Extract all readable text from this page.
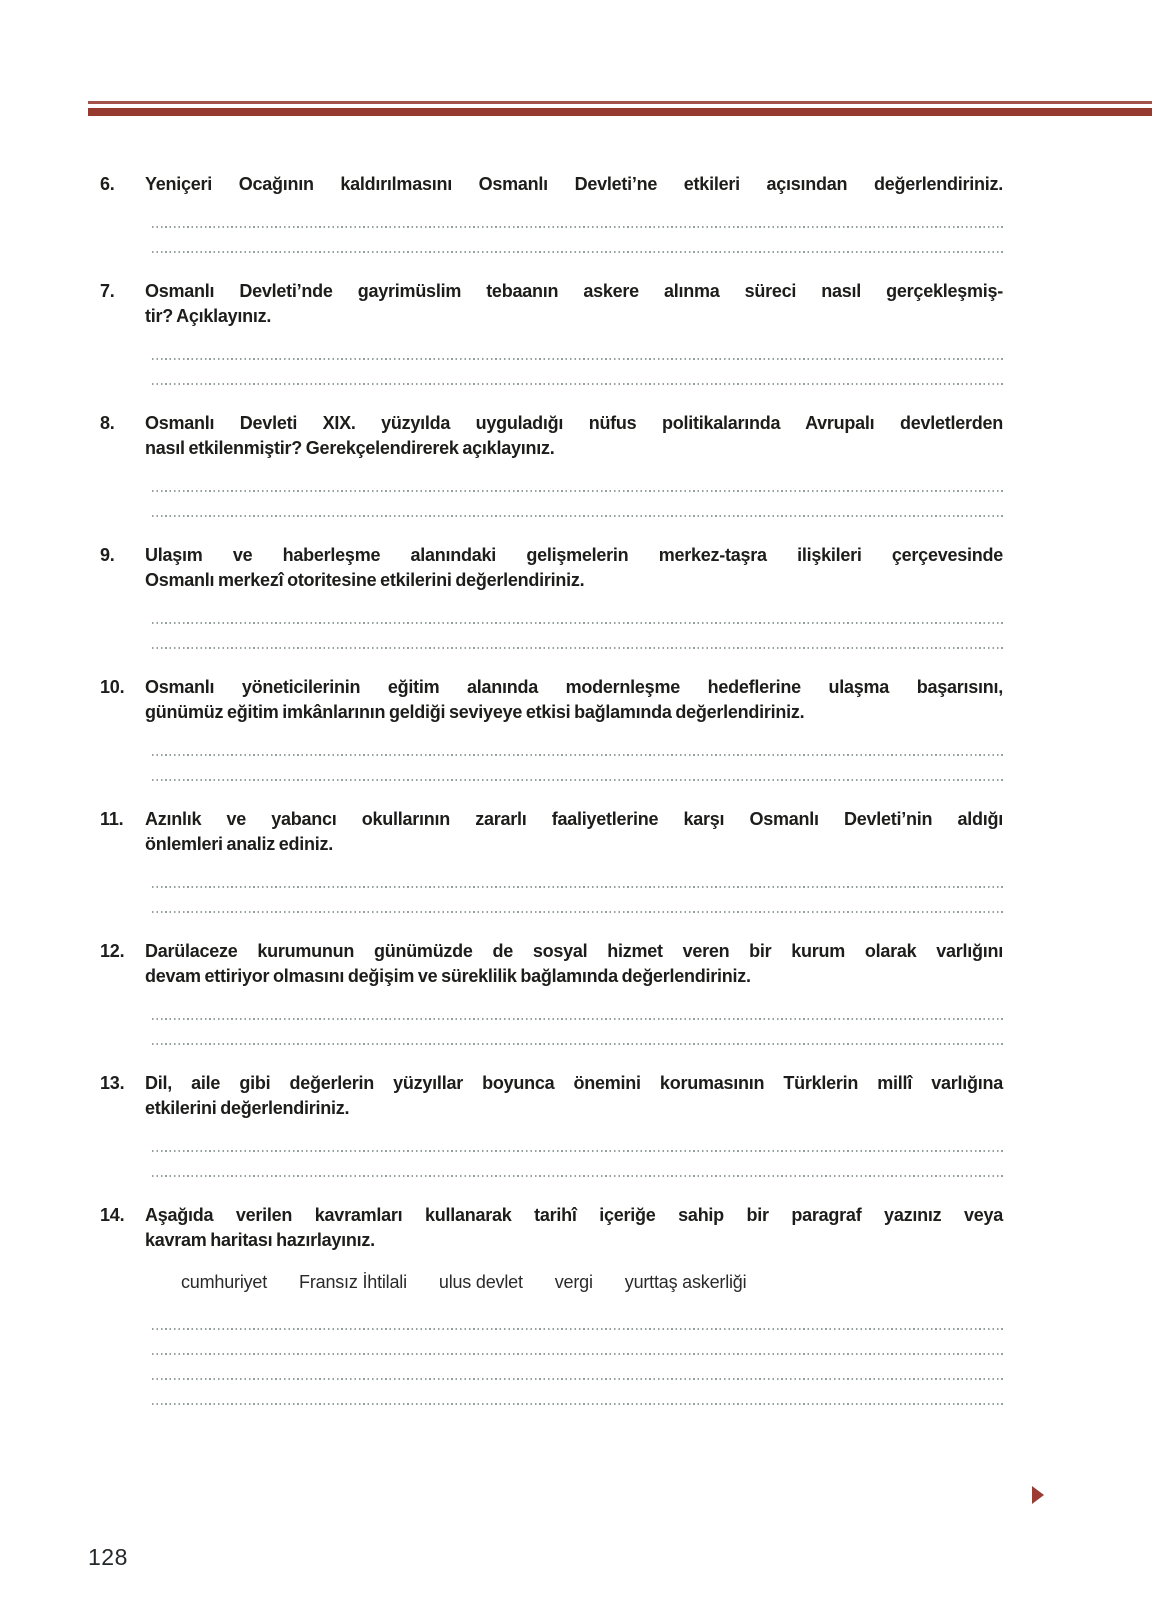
6.	Yeniçeri Ocağının kaldırılmasını Osmanlı Devleti’ne etkileri açısından değerlendiriniz.
7.	Osmanlı Devleti’nde gayrimüslim tebaanın askere alınma süreci nasıl gerçekleşmiş-
tir? Açıklayınız.
8.	Osmanlı Devleti XIX. yüzyılda uyguladığı nüfus politikalarında Avrupalı devletlerden
nasıl etkilenmiştir? Gerekçelendirerek açıklayınız.
9.	Ulaşım ve haberleşme alanındaki gelişmelerin merkez-taşra ilişkileri çerçevesinde
Osmanlı merkezî otoritesine etkilerini değerlendiriniz.
10.	Osmanlı yöneticilerinin eğitim alanında modernleşme hedeflerine ulaşma başarısını,
günümüz eğitim imkânlarının geldiği seviyeye etkisi bağlamında değerlendiriniz.
11.	Azınlık ve yabancı okullarının zararlı faaliyetlerine karşı Osmanlı Devleti’nin aldığı
önlemleri analiz ediniz.
12.	Darülaceze kurumunun günümüzde de sosyal hizmet veren bir kurum olarak varlığını
devam ettiriyor olmasını değişim ve süreklilik bağlamında değerlendiriniz.
13.	Dil, aile gibi değerlerin yüzyıllar boyunca önemini korumasının Türklerin millî varlığına
etkilerini değerlendiriniz.
14.	Aşağıda verilen kavramları kullanarak tarihî içeriğe sahip bir paragraf yazınız veya
kavram haritası hazırlayınız.
cumhuriyet Fransız İhtilali ulus devlet vergi yurttaş askerliği
128
